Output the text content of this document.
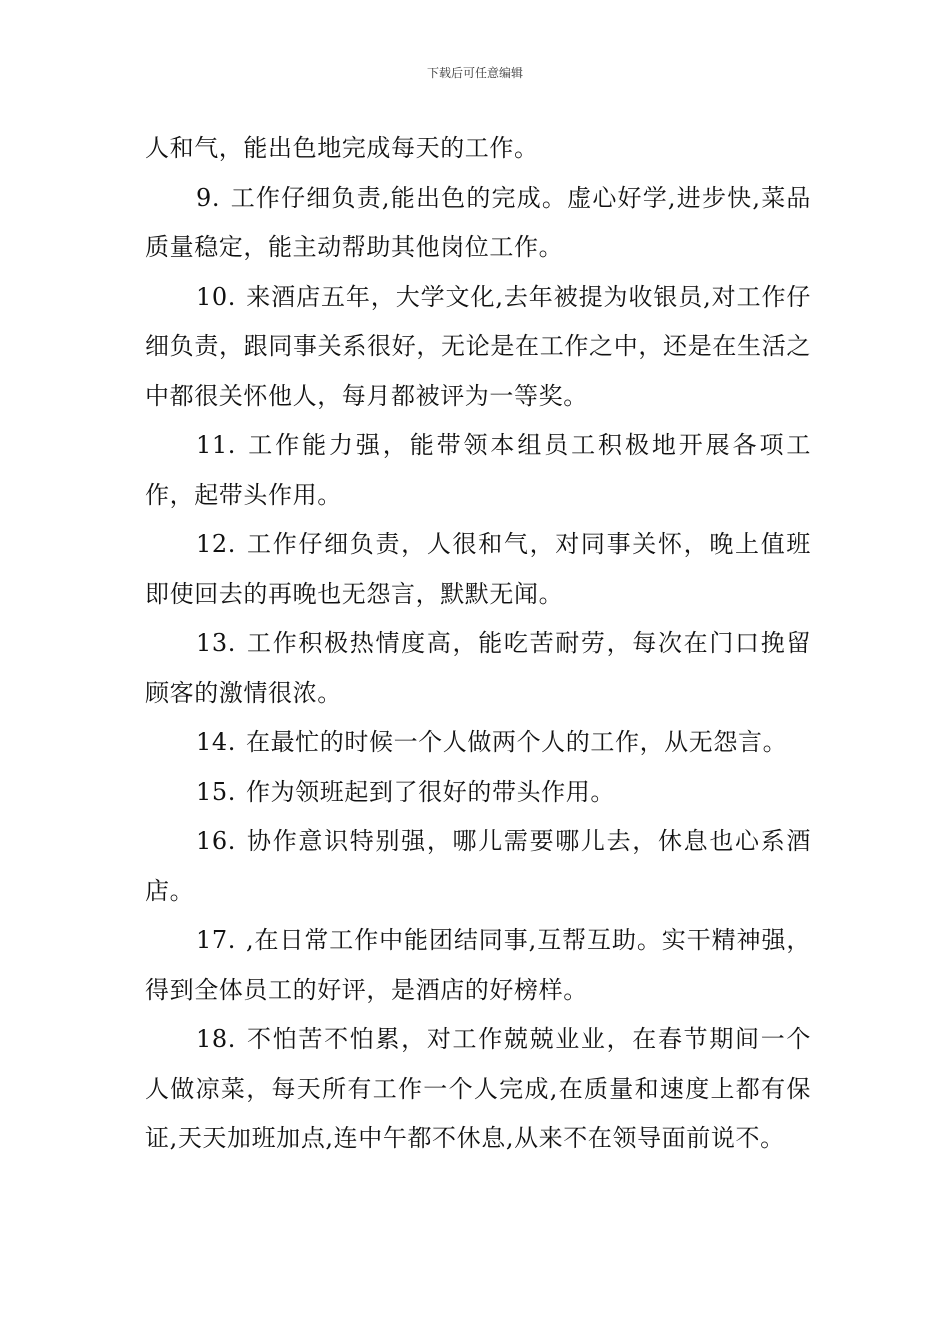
下载后可任意编辑

人和气，能出色地完成每天的工作。

9. 工作仔细负责,能出色的完成。虚心好学,进步快,菜品质量稳定，能主动帮助其他岗位工作。

10. 来酒店五年，大学文化,去年被提为收银员,对工作仔细负责，跟同事关系很好，无论是在工作之中，还是在生活之中都很关怀他人，每月都被评为一等奖。

11. 工作能力强，能带领本组员工积极地开展各项工作，起带头作用。

12. 工作仔细负责，人很和气，对同事关怀，晚上值班即使回去的再晚也无怨言，默默无闻。

13. 工作积极热情度高，能吃苦耐劳，每次在门口挽留顾客的激情很浓。

14. 在最忙的时候一个人做两个人的工作，从无怨言。

15. 作为领班起到了很好的带头作用。

16. 协作意识特别强，哪儿需要哪儿去，休息也心系酒店。

17. ,在日常工作中能团结同事,互帮互助。实干精神强，得到全体员工的好评，是酒店的好榜样。

18. 不怕苦不怕累，对工作兢兢业业，在春节期间一个人做凉菜，每天所有工作一个人完成,在质量和速度上都有保证,天天加班加点,连中午都不休息,从来不在领导面前说不。
